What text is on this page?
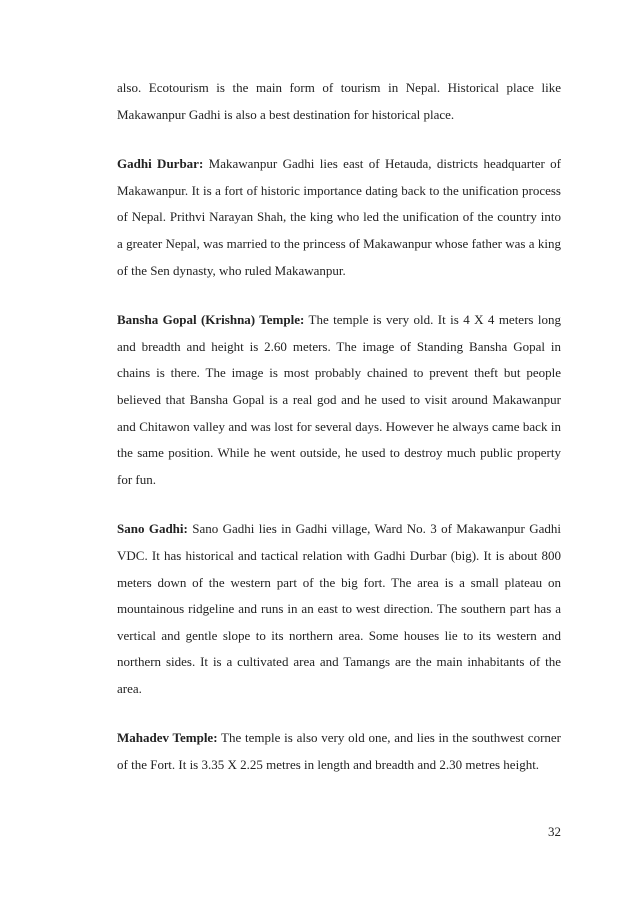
also. Ecotourism is the main form of tourism in Nepal. Historical place like Makawanpur Gadhi is also a best destination for historical place.

Gadhi Durbar: Makawanpur Gadhi lies east of Hetauda, districts headquarter of Makawanpur. It is a fort of historic importance dating back to the unification process of Nepal. Prithvi Narayan Shah, the king who led the unification of the country into a greater Nepal, was married to the princess of Makawanpur whose father was a king of the Sen dynasty, who ruled Makawanpur.

Bansha Gopal (Krishna) Temple: The temple is very old. It is 4 X 4 meters long and breadth and height is 2.60 meters. The image of Standing Bansha Gopal in chains is there. The image is most probably chained to prevent theft but people believed that Bansha Gopal is a real god and he used to visit around Makawanpur and Chitawon valley and was lost for several days. However he always came back in the same position. While he went outside, he used to destroy much public property for fun.

Sano Gadhi: Sano Gadhi lies in Gadhi village, Ward No. 3 of Makawanpur Gadhi VDC. It has historical and tactical relation with Gadhi Durbar (big). It is about 800 meters down of the western part of the big fort. The area is a small plateau on mountainous ridgeline and runs in an east to west direction. The southern part has a vertical and gentle slope to its northern area. Some houses lie to its western and northern sides. It is a cultivated area and Tamangs are the main inhabitants of the area.

Mahadev Temple: The temple is also very old one, and lies in the southwest corner of the Fort. It is 3.35 X 2.25 metres in length and breadth and 2.30 metres height.

32
